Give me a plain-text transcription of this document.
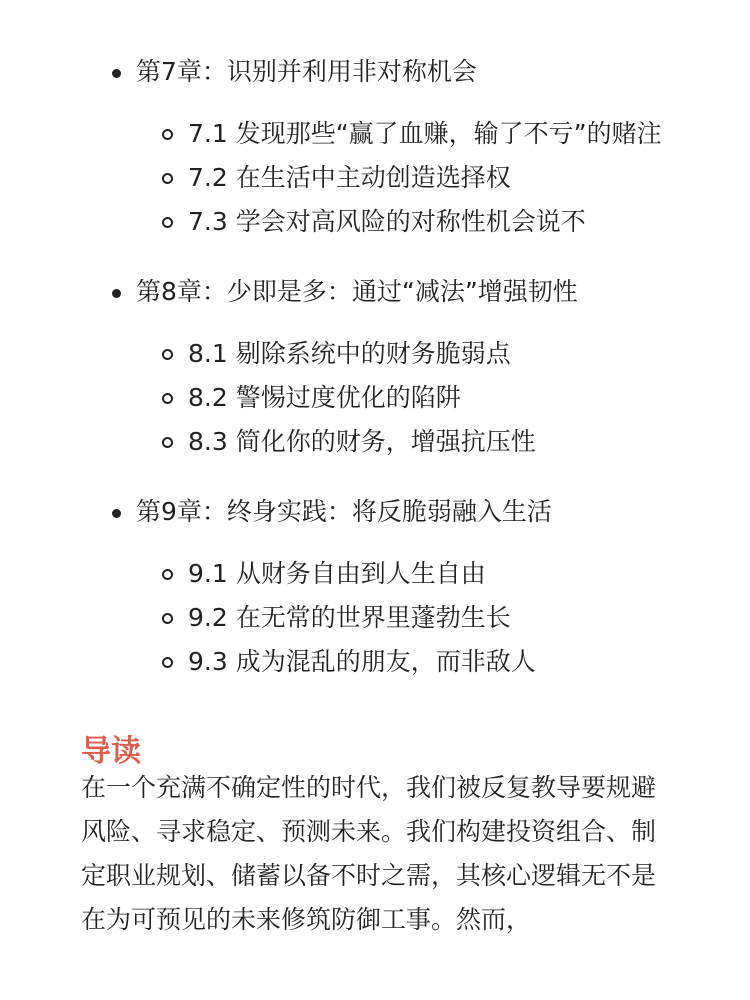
第7章：识别并利用非对称机会
7.1 发现那些“赢了血赚，输了不亏”的赌注
7.2 在生活中主动创造选择权
7.3 学会对高风险的对称性机会说不
第8章：少即是多：通过“减法”增强韧性
8.1 剔除系统中的财务脆弱点
8.2 警惕过度优化的陷阱
8.3 简化你的财务，增强抗压性
第9章：终身实践：将反脆弱融入生活
9.1 从财务自由到人生自由
9.2 在无常的世界里蓬勃生长
9.3 成为混乱的朋友，而非敌人
导读

在一个充满不确定性的时代，我们被反复教导要规避风险、寻求稳定、预测未来。我们构建投资组合、制定职业规划、储蓄以备不时之需，其核心逻辑无不是在为可预见的未来修筑防御工事。然而，
